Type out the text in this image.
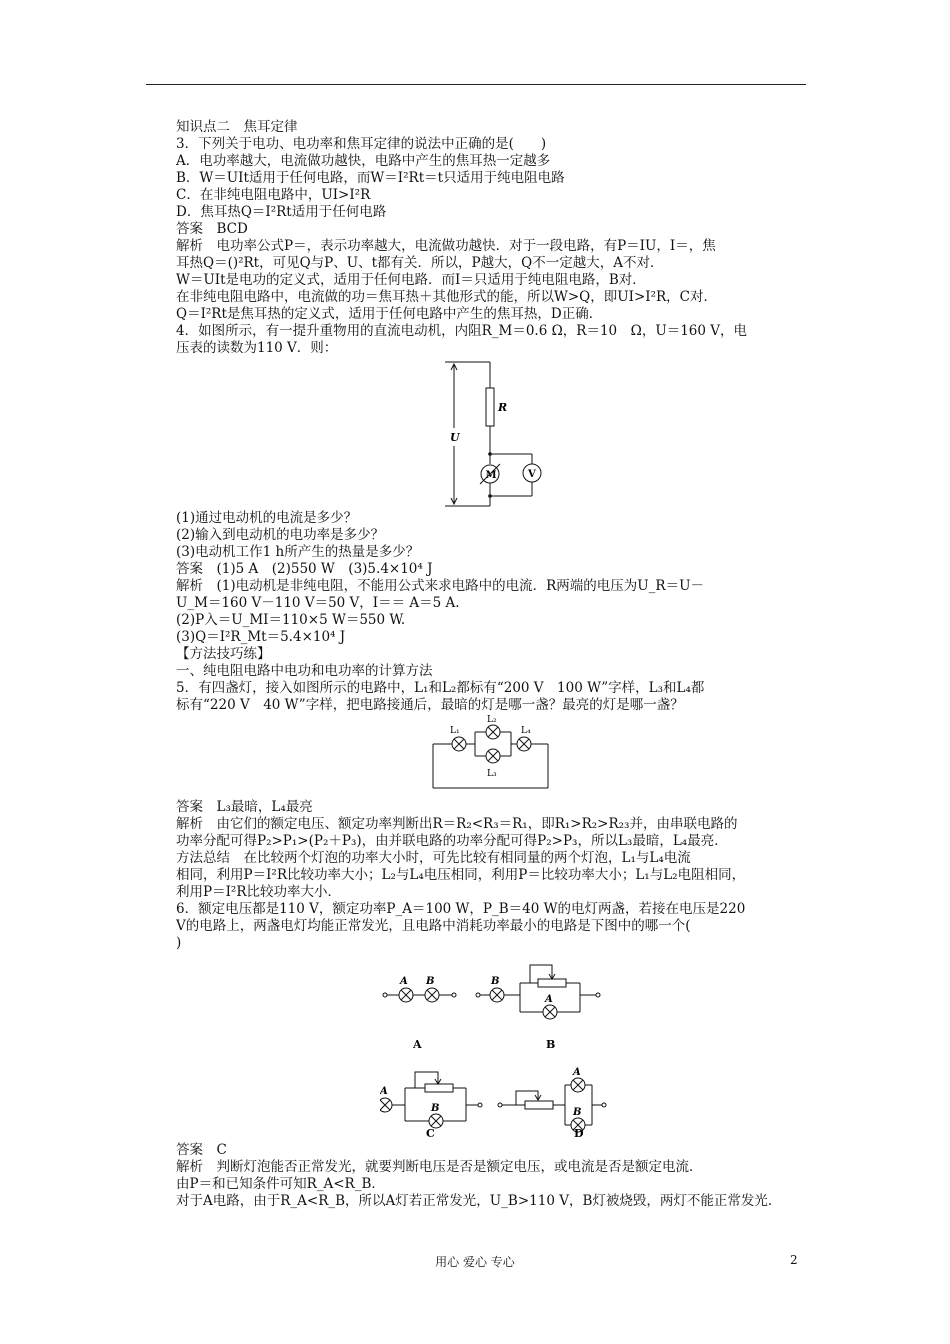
知识点二　焦耳定律
3．下列关于电功、电功率和焦耳定律的说法中正确的是(　　)
A．电功率越大，电流做功越快，电路中产生的焦耳热一定越多
B．W＝UIt适用于任何电路，而W＝I²Rt＝t只适用于纯电阻电路
C．在非纯电阻电路中，UI>I²R
D．焦耳热Q＝I²Rt适用于任何电路
答案　BCD
解析　电功率公式P＝，表示功率越大，电流做功越快．对于一段电路，有P＝IU，I＝，焦
耳热Q＝()²Rt，可见Q与P、U、t都有关．所以，P越大，Q不一定越大，A不对．
W＝UIt是电功的定义式，适用于任何电路．而I＝只适用于纯电阻电路，B对．
在非纯电阻电路中，电流做的功＝焦耳热＋其他形式的能，所以W>Q，即UI>I²R，C对．
Q＝I²Rt是焦耳热的定义式，适用于任何电路中产生的焦耳热，D正确．
4．如图所示，有一提升重物用的直流电动机，内阻R_M＝0.6 Ω，R＝10　Ω，U＝160 V，电
压表的读数为110 V．则：
(1)通过电动机的电流是多少？
(2)输入到电动机的电功率是多少？
(3)电动机工作1 h所产生的热量是多少？
答案　(1)5 A　(2)550 W　(3)5.4×10⁴ J
解析　(1)电动机是非纯电阻，不能用公式来求电路中的电流．R两端的电压为U_R＝U－
U_M＝160 V－110 V＝50 V，I＝＝ A＝5 A.
(2)P入＝U_MI＝110×5 W＝550 W.
(3)Q＝I²R_Mt＝5.4×10⁴ J
【方法技巧练】
一、纯电阻电路中电功和电功率的计算方法
5．有四盏灯，接入如图所示的电路中，L₁和L₂都标有“200 V　100 W”字样，L₃和L₄都
标有“220 V　40 W”字样，把电路接通后，最暗的灯是哪一盏？最亮的灯是哪一盏？
答案　L₃最暗，L₄最亮
解析　由它们的额定电压、额定功率判断出R＝R₂<R₃＝R₁，即R₁>R₂>R₂₃并，由串联电路的
功率分配可得P₂>P₁>(P₂＋P₃)，由并联电路的功率分配可得P₂>P₃，所以L₃最暗，L₄最亮．
方法总结　在比较两个灯泡的功率大小时，可先比较有相同量的两个灯泡，L₁与L₄电流
相同，利用P＝I²R比较功率大小；L₂与L₄电压相同，利用P＝比较功率大小；L₁与L₂电阻相同，
利用P＝I²R比较功率大小．
6．额定电压都是110 V，额定功率P_A＝100 W，P_B＝40 W的电灯两盏，若接在电压是220
V的电路上，两盏电灯均能正常发光，且电路中消耗功率最小的电路是下图中的哪一个(
)
答案　C
解析　判断灯泡能否正常发光，就要判断电压是否是额定电压，或电流是否是额定电流．
由P＝和已知条件可知R_A<R_B．
对于A电路，由于R_A<R_B，所以A灯若正常发光，U_B>110 V，B灯被烧毁，两灯不能正常发光．
R
U
M	V
L₁
L₂
L₃
L₄
A B	B
A
A
B
A
B
A	B
C	D
用心 爱心 专心	2
